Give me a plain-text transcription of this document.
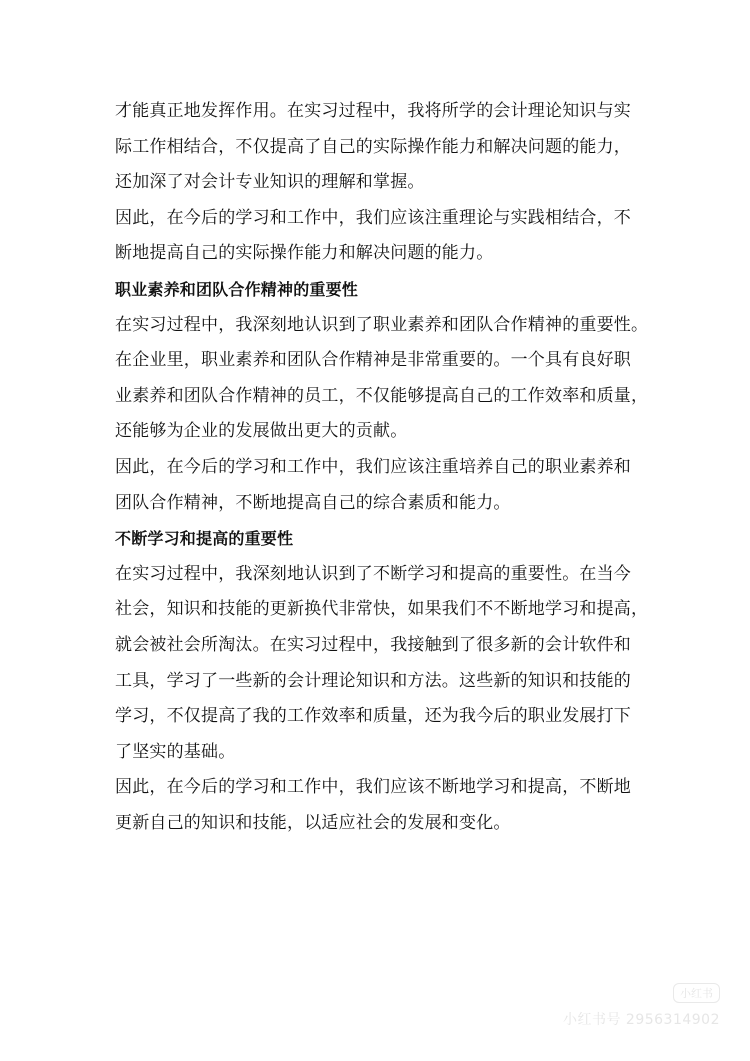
才能真正地发挥作用。在实习过程中，我将所学的会计理论知识与实
际工作相结合，不仅提高了自己的实际操作能力和解决问题的能力，
还加深了对会计专业知识的理解和掌握。
因此，在今后的学习和工作中，我们应该注重理论与实践相结合，不
断地提高自己的实际操作能力和解决问题的能力。
职业素养和团队合作精神的重要性
在实习过程中，我深刻地认识到了职业素养和团队合作精神的重要性。
在企业里，职业素养和团队合作精神是非常重要的。一个具有良好职
业素养和团队合作精神的员工，不仅能够提高自己的工作效率和质量，
还能够为企业的发展做出更大的贡献。
因此，在今后的学习和工作中，我们应该注重培养自己的职业素养和
团队合作精神，不断地提高自己的综合素质和能力。
不断学习和提高的重要性
在实习过程中，我深刻地认识到了不断学习和提高的重要性。在当今
社会，知识和技能的更新换代非常快，如果我们不不断地学习和提高，
就会被社会所淘汰。在实习过程中，我接触到了很多新的会计软件和
工具，学习了一些新的会计理论知识和方法。这些新的知识和技能的
学习，不仅提高了我的工作效率和质量，还为我今后的职业发展打下
了坚实的基础。
因此，在今后的学习和工作中，我们应该不断地学习和提高，不断地
更新自己的知识和技能，以适应社会的发展和变化。
小红书
小红书号 2956314902
